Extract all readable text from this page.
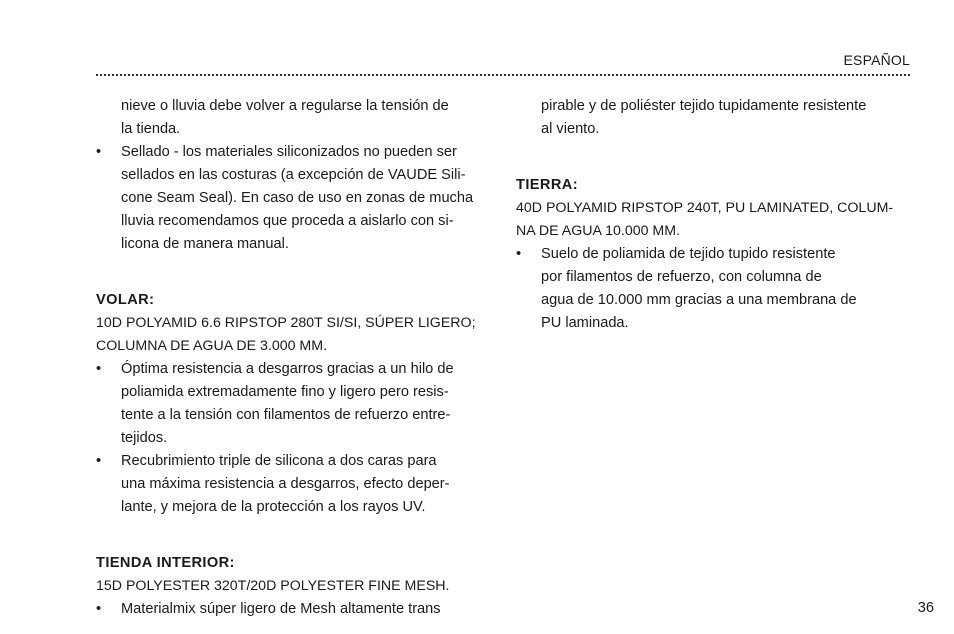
ESPAÑOL
nieve o lluvia debe volver a regularse la tensión de
la tienda.
• Sellado - los materiales siliconizados no pueden ser
sellados en las costuras (a excepción de VAUDE Sili-
cone Seam Seal). En caso de uso en zonas de mucha
lluvia recomendamos que proceda a aislarlo con si-
licona de manera manual.
VOLAR:
10D POLYAMID 6.6 RIPSTOP 280T SI/SI, SÚPER LIGERO;
COLUMNA DE AGUA DE 3.000 MM.
• Óptima resistencia a desgarros gracias a un hilo de
poliamida extremadamente fino y ligero pero resis-
tente a la tensión con filamentos de refuerzo entre-
tejidos.
• Recubrimiento triple de silicona a dos caras para
una máxima resistencia a desgarros, efecto deper-
lante, y mejora de la protección a los rayos UV.
TIENDA INTERIOR:
15D POLYESTER 320T/20D POLYESTER FINE MESH.
• Materialmix súper ligero de Mesh altamente trans
pirable y de poliéster tejido tupidamente resistente
al viento.
TIERRA:
40D POLYAMID RIPSTOP 240T, PU LAMINATED, COLUM-
NA DE AGUA 10.000 MM.
• Suelo de poliamida de tejido tupido resistente
por filamentos de refuerzo, con columna de
agua de 10.000 mm gracias a una membrana de
PU laminada.
36
